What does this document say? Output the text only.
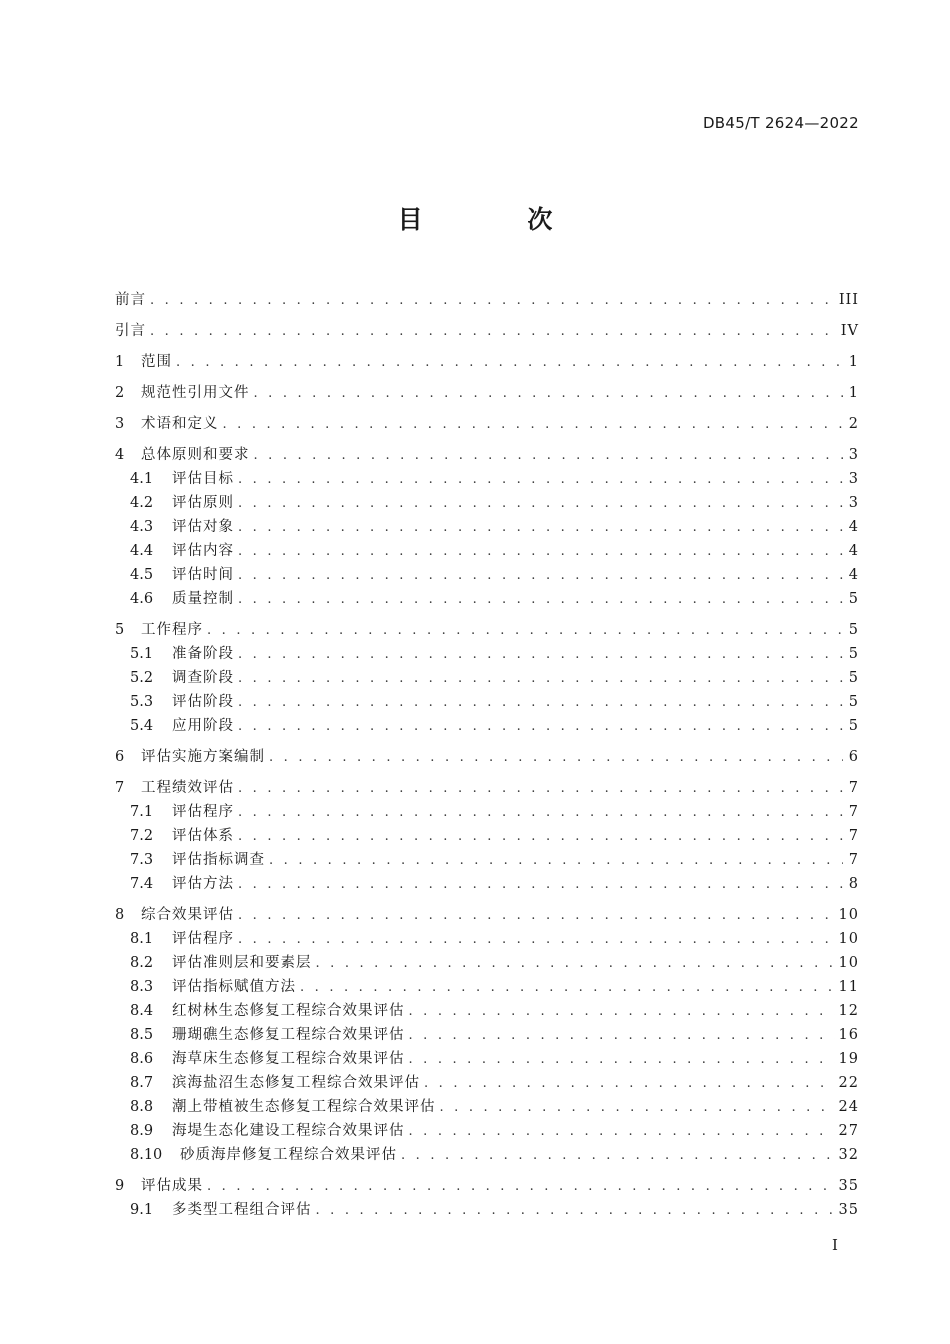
DB45/T 2624—2022
目 次
前言 . . .	III
引言 . . .	IV
1	范围 . . .	1
2	规范性引用文件 . . .	1
3	术语和定义 . . .	2
4	总体原则和要求 . . .	3
4.1	评估目标 . . .	3
4.2	评估原则 . . .	3
4.3	评估对象 . . .	4
4.4	评估内容 . . .	4
4.5	评估时间 . . .	4
4.6	质量控制 . . .	5
5	工作程序 . . .	5
5.1	准备阶段 . . .	5
5.2	调查阶段 . . .	5
5.3	评估阶段 . . .	5
5.4	应用阶段 . . .	5
6	评估实施方案编制 . . .	6
7	工程绩效评估 . . .	7
7.1	评估程序 . . .	7
7.2	评估体系 . . .	7
7.3	评估指标调查 . . .	7
7.4	评估方法 . . .	8
8	综合效果评估 . . .	10
8.1	评估程序 . . .	10
8.2	评估准则层和要素层 . . .	10
8.3	评估指标赋值方法 . . .	11
8.4	红树林生态修复工程综合效果评估 . . .	12
8.5	珊瑚礁生态修复工程综合效果评估 . . .	16
8.6	海草床生态修复工程综合效果评估 . . .	19
8.7	滨海盐沼生态修复工程综合效果评估 . . .	22
8.8	潮上带植被生态修复工程综合效果评估 . . .	24
8.9	海堤生态化建设工程综合效果评估 . . .	27
8.10	砂质海岸修复工程综合效果评估 . . .	32
9	评估成果 . . .	35
9.1	多类型工程组合评估 . . .	35
I
